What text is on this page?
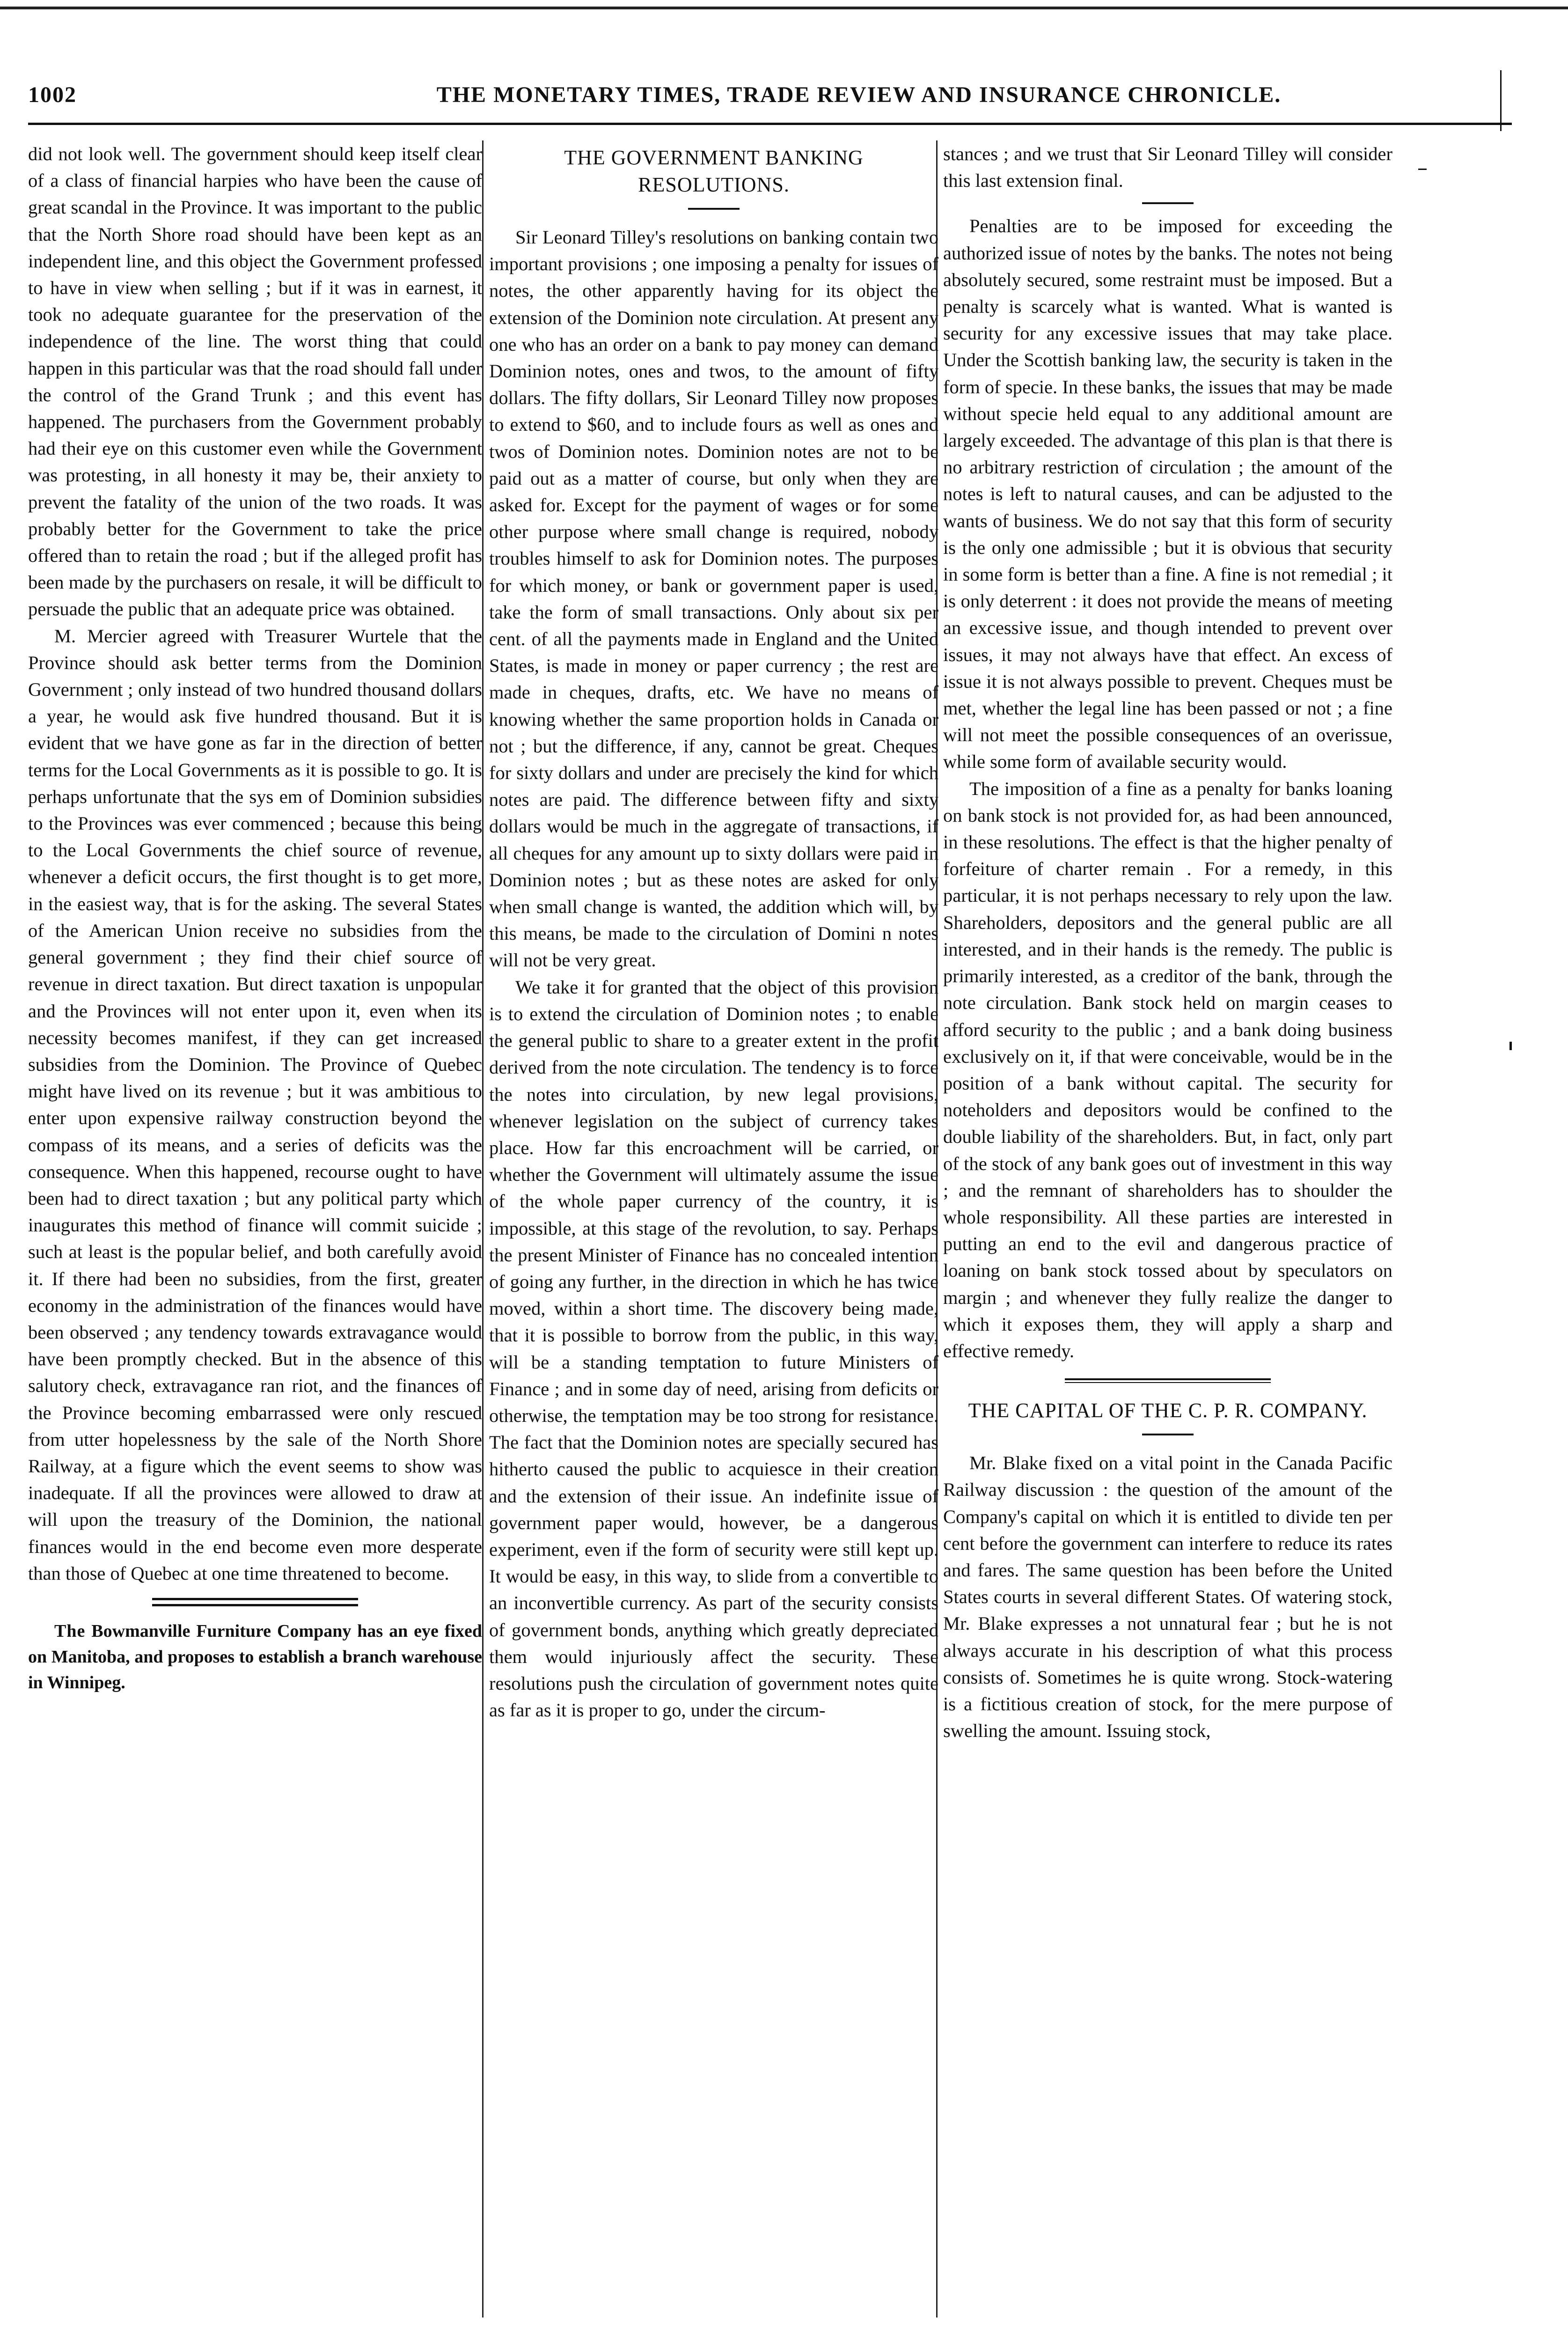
1002	THE MONETARY TIMES, TRADE REVIEW AND INSURANCE CHRONICLE.

did not look well. The government should keep itself clear of a class of financial harpies who have been the cause of great scandal in the Province. It was important to the public that the North Shore road should have been kept as an independent line, and this object the Government professed to have in view when selling ; but if it was in earnest, it took no adequate guarantee for the preservation of the independence of the line. The worst thing that could happen in this particular was that the road should fall under the control of the Grand Trunk ; and this event has happened. The purchasers from the Government probably had their eye on this customer even while the Government was protesting, in all honesty it may be, their anxiety to prevent the fatality of the union of the two roads. It was probably better for the Government to take the price offered than to retain the road ; but if the alleged profit has been made by the purchasers on resale, it will be difficult to persuade the public that an adequate price was obtained.

M. Mercier agreed with Treasurer Wurtele that the Province should ask better terms from the Dominion Government ; only instead of two hundred thousand dollars a year, he would ask five hundred thousand. But it is evident that we have gone as far in the direction of better terms for the Local Governments as it is possible to go. It is perhaps unfortunate that the sys em of Dominion subsidies to the Provinces was ever commenced ; because this being to the Local Governments the chief source of revenue, whenever a deficit occurs, the first thought is to get more, in the easiest way, that is for the asking. The several States of the American Union receive no subsidies from the general government ; they find their chief source of revenue in direct taxation. But direct taxation is unpopular and the Provinces will not enter upon it, even when its necessity becomes manifest, if they can get increased subsidies from the Dominion. The Province of Quebec might have lived on its revenue ; but it was ambitious to enter upon expensive railway construction beyond the compass of its means, and a series of deficits was the consequence. When this happened, recourse ought to have been had to direct taxation ; but any political party which inaugurates this method of finance will commit suicide ; such at least is the popular belief, and both carefully avoid it. If there had been no subsidies, from the first, greater economy in the administration of the finances would have been observed ; any tendency towards extravagance would have been promptly checked. But in the absence of this salutory check, extravagance ran riot, and the finances of the Province becoming embarrassed were only rescued from utter hopelessness by the sale of the North Shore Railway, at a figure which the event seems to show was inadequate. If all the provinces were allowed to draw at will upon the treasury of the Dominion, the national finances would in the end become even more desperate than those of Quebec at one time threatened to become.

The Bowmanville Furniture Company has an eye fixed on Manitoba, and proposes to establish a branch warehouse in Winnipeg.

THE GOVERNMENT BANKING RESOLUTIONS.

Sir Leonard Tilley's resolutions on banking contain two important provisions ; one imposing a penalty for issues of notes, the other apparently having for its object the extension of the Dominion note circulation. At present any one who has an order on a bank to pay money can demand Dominion notes, ones and twos, to the amount of fifty dollars. The fifty dollars, Sir Leonard Tilley now proposes to extend to $60, and to include fours as well as ones and twos of Dominion notes. Dominion notes are not to be paid out as a matter of course, but only when they are asked for. Except for the payment of wages or for some other purpose where small change is required, nobody troubles himself to ask for Dominion notes. The purposes for which money, or bank or government paper is used, take the form of small transactions. Only about six per cent. of all the payments made in England and the United States, is made in money or paper currency ; the rest are made in cheques, drafts, etc. We have no means of knowing whether the same proportion holds in Canada or not ; but the difference, if any, cannot be great. Cheques for sixty dollars and under are precisely the kind for which notes are paid. The difference between fifty and sixty dollars would be much in the aggregate of transactions, if all cheques for any amount up to sixty dollars were paid in Dominion notes ; but as these notes are asked for only when small change is wanted, the addition which will, by this means, be made to the circulation of Domini n notes will not be very great.

We take it for granted that the object of this provision is to extend the circulation of Dominion notes ; to enable the general public to share to a greater extent in the profit derived from the note circulation. The tendency is to force the notes into circulation, by new legal provisions, whenever legislation on the subject of currency takes place. How far this encroachment will be carried, or whether the Government will ultimately assume the issue of the whole paper currency of the country, it is impossible, at this stage of the revolution, to say. Perhaps the present Minister of Finance has no concealed intention of going any further, in the direction in which he has twice moved, within a short time. The discovery being made, that it is possible to borrow from the public, in this way, will be a standing temptation to future Ministers of Finance ; and in some day of need, arising from deficits or otherwise, the temptation may be too strong for resistance. The fact that the Dominion notes are specially secured has hitherto caused the public to acquiesce in their creation and the extension of their issue. An indefinite issue of government paper would, however, be a dangerous experiment, even if the form of security were still kept up. It would be easy, in this way, to slide from a convertible to an inconvertible currency. As part of the security consists of government bonds, anything which greatly depreciated them would injuriously affect the security. These resolutions push the circulation of government notes quite as far as it is proper to go, under the circum-

stances ; and we trust that Sir Leonard Tilley will consider this last extension final.

Penalties are to be imposed for exceeding the authorized issue of notes by the banks. The notes not being absolutely secured, some restraint must be imposed. But a penalty is scarcely what is wanted. What is wanted is security for any excessive issues that may take place. Under the Scottish banking law, the security is taken in the form of specie. In these banks, the issues that may be made without specie held equal to any additional amount are largely exceeded. The advantage of this plan is that there is no arbitrary restriction of circulation ; the amount of the notes is left to natural causes, and can be adjusted to the wants of business. We do not say that this form of security is the only one admissible ; but it is obvious that security in some form is better than a fine. A fine is not remedial ; it is only deterrent : it does not provide the means of meeting an excessive issue, and though intended to prevent over issues, it may not always have that effect. An excess of issue it is not always possible to prevent. Cheques must be met, whether the legal line has been passed or not ; a fine will not meet the possible consequences of an overissue, while some form of available security would.

The imposition of a fine as a penalty for banks loaning on bank stock is not provided for, as had been announced, in these resolutions. The effect is that the higher penalty of forfeiture of charter remain . For a remedy, in this particular, it is not perhaps necessary to rely upon the law. Shareholders, depositors and the general public are all interested, and in their hands is the remedy. The public is primarily interested, as a creditor of the bank, through the note circulation. Bank stock held on margin ceases to afford security to the public ; and a bank doing business exclusively on it, if that were conceivable, would be in the position of a bank without capital. The security for noteholders and depositors would be confined to the double liability of the shareholders. But, in fact, only part of the stock of any bank goes out of investment in this way ; and the remnant of shareholders has to shoulder the whole responsibility. All these parties are interested in putting an end to the evil and dangerous practice of loaning on bank stock tossed about by speculators on margin ; and whenever they fully realize the danger to which it exposes them, they will apply a sharp and effective remedy.

THE CAPITAL OF THE C. P. R. COMPANY.

Mr. Blake fixed on a vital point in the Canada Pacific Railway discussion : the question of the amount of the Company's capital on which it is entitled to divide ten per cent before the government can interfere to reduce its rates and fares. The same question has been before the United States courts in several different States. Of watering stock, Mr. Blake expresses a not unnatural fear ; but he is not always accurate in his description of what this process consists of. Sometimes he is quite wrong. Stock-watering is a fictitious creation of stock, for the mere purpose of swelling the amount. Issuing stock,
